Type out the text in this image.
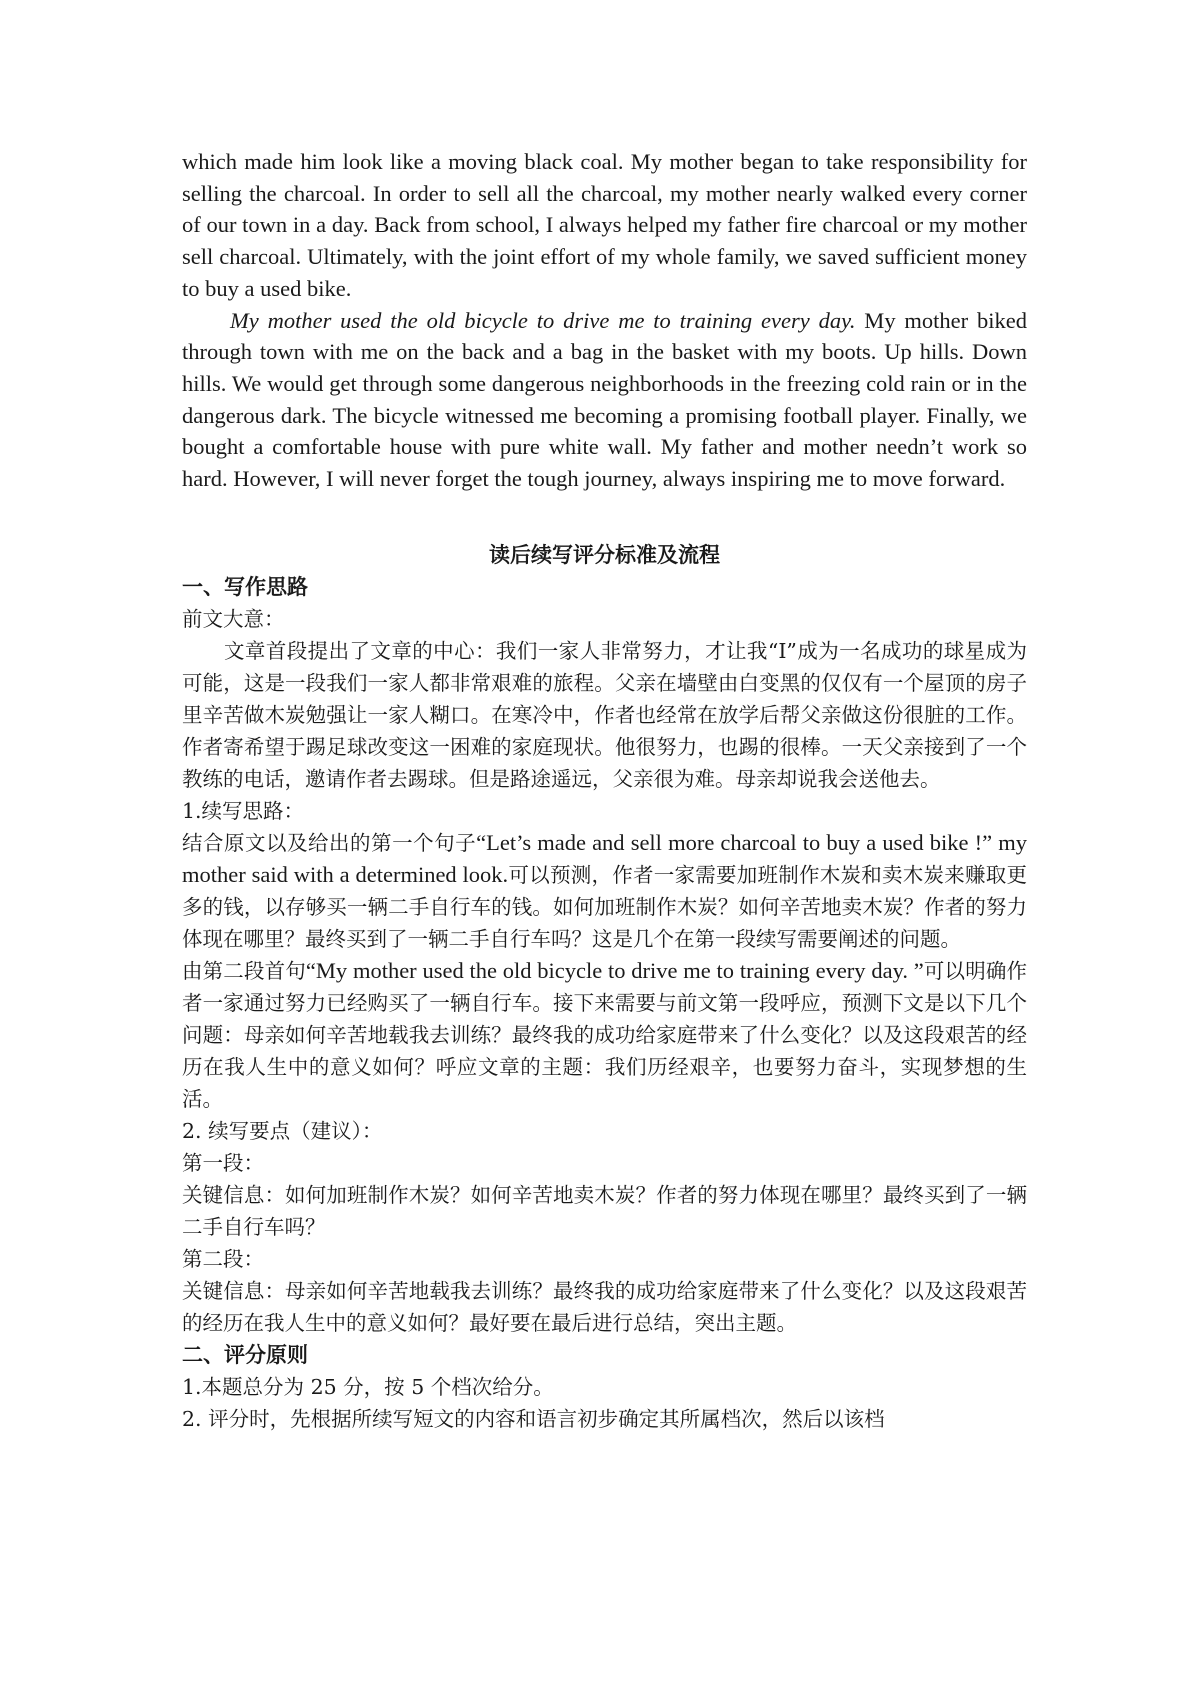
which made him look like a moving black coal. My mother began to take responsibility for selling the charcoal. In order to sell all the charcoal, my mother nearly walked every corner of our town in a day. Back from school, I always helped my father fire charcoal or my mother sell charcoal. Ultimately, with the joint effort of my whole family, we saved sufficient money to buy a used bike.

My mother used the old bicycle to drive me to training every day. My mother biked through town with me on the back and a bag in the basket with my boots. Up hills. Down hills. We would get through some dangerous neighborhoods in the freezing cold rain or in the dangerous dark. The bicycle witnessed me becoming a promising football player. Finally, we bought a comfortable house with pure white wall. My father and mother needn’t work so hard. However, I will never forget the tough journey, always inspiring me to move forward.

读后续写评分标准及流程

一、写作思路

前文大意：

文章首段提出了文章的中心：我们一家人非常努力，才让我“I”成为一名成功的球星成为可能，这是一段我们一家人都非常艰难的旅程。父亲在墙壁由白变黑的仅仅有一个屋顶的房子里辛苦做木炭勉强让一家人糊口。在寒冷中，作者也经常在放学后帮父亲做这份很脏的工作。作者寄希望于踢足球改变这一困难的家庭现状。他很努力，也踢的很棒。一天父亲接到了一个教练的电话，邀请作者去踢球。但是路途遥远，父亲很为难。母亲却说我会送他去。

1.续写思路：

结合原文以及给出的第一个句子“Let’s made and sell more charcoal to buy a used bike !” my mother said with a determined look.可以预测，作者一家需要加班制作木炭和卖木炭来赚取更多的钱，以存够买一辆二手自行车的钱。如何加班制作木炭？如何辛苦地卖木炭？作者的努力体现在哪里？最终买到了一辆二手自行车吗？这是几个在第一段续写需要阐述的问题。

由第二段首句“My mother used the old bicycle to drive me to training every day. ”可以明确作者一家通过努力已经购买了一辆自行车。接下来需要与前文第一段呼应，预测下文是以下几个问题：母亲如何辛苦地载我去训练？最终我的成功给家庭带来了什么变化？以及这段艰苦的经历在我人生中的意义如何？呼应文章的主题：我们历经艰辛，也要努力奋斗，实现梦想的生活。

2. 续写要点（建议）：

第一段：

关键信息：如何加班制作木炭？如何辛苦地卖木炭？作者的努力体现在哪里？最终买到了一辆二手自行车吗？

第二段：

关键信息：母亲如何辛苦地载我去训练？最终我的成功给家庭带来了什么变化？以及这段艰苦的经历在我人生中的意义如何？最好要在最后进行总结，突出主题。

二、评分原则

1.本题总分为 25 分，按 5 个档次给分。

2. 评分时，先根据所续写短文的内容和语言初步确定其所属档次，然后以该档
